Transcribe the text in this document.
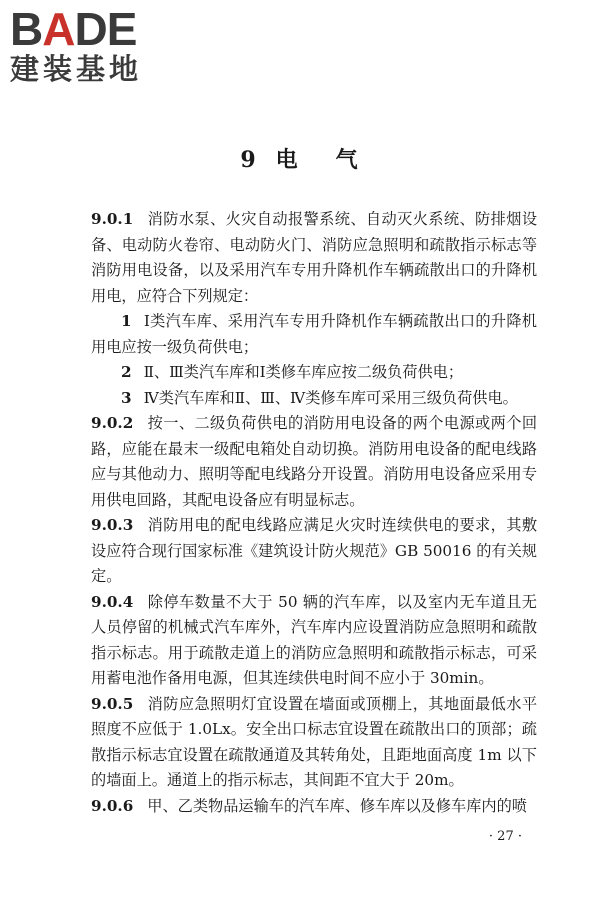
BADE
建装基地
9 电 气

9.0.1 消防水泵、火灾自动报警系统、自动灭火系统、防排烟设备、电动防火卷帘、电动防火门、消防应急照明和疏散指示标志等消防用电设备，以及采用汽车专用升降机作车辆疏散出口的升降机用电，应符合下列规定：

1 Ⅰ类汽车库、采用汽车专用升降机作车辆疏散出口的升降机用电应按一级负荷供电；

2 Ⅱ、Ⅲ类汽车库和Ⅰ类修车库应按二级负荷供电；

3 Ⅳ类汽车库和Ⅱ、Ⅲ、Ⅳ类修车库可采用三级负荷供电。

9.0.2 按一、二级负荷供电的消防用电设备的两个电源或两个回路，应能在最末一级配电箱处自动切换。消防用电设备的配电线路应与其他动力、照明等配电线路分开设置。消防用电设备应采用专用供电回路，其配电设备应有明显标志。

9.0.3 消防用电的配电线路应满足火灾时连续供电的要求，其敷设应符合现行国家标准《建筑设计防火规范》GB 50016 的有关规定。

9.0.4 除停车数量不大于 50 辆的汽车库，以及室内无车道且无人员停留的机械式汽车库外，汽车库内应设置消防应急照明和疏散指示标志。用于疏散走道上的消防应急照明和疏散指示标志，可采用蓄电池作备用电源，但其连续供电时间不应小于 30min。

9.0.5 消防应急照明灯宜设置在墙面或顶棚上，其地面最低水平照度不应低于 1.0Lx。安全出口标志宜设置在疏散出口的顶部；疏散指示标志宜设置在疏散通道及其转角处，且距地面高度 1m 以下的墙面上。通道上的指示标志，其间距不宜大于 20m。

9.0.6 甲、乙类物品运输车的汽车库、修车库以及修车库内的喷

· 27 ·
